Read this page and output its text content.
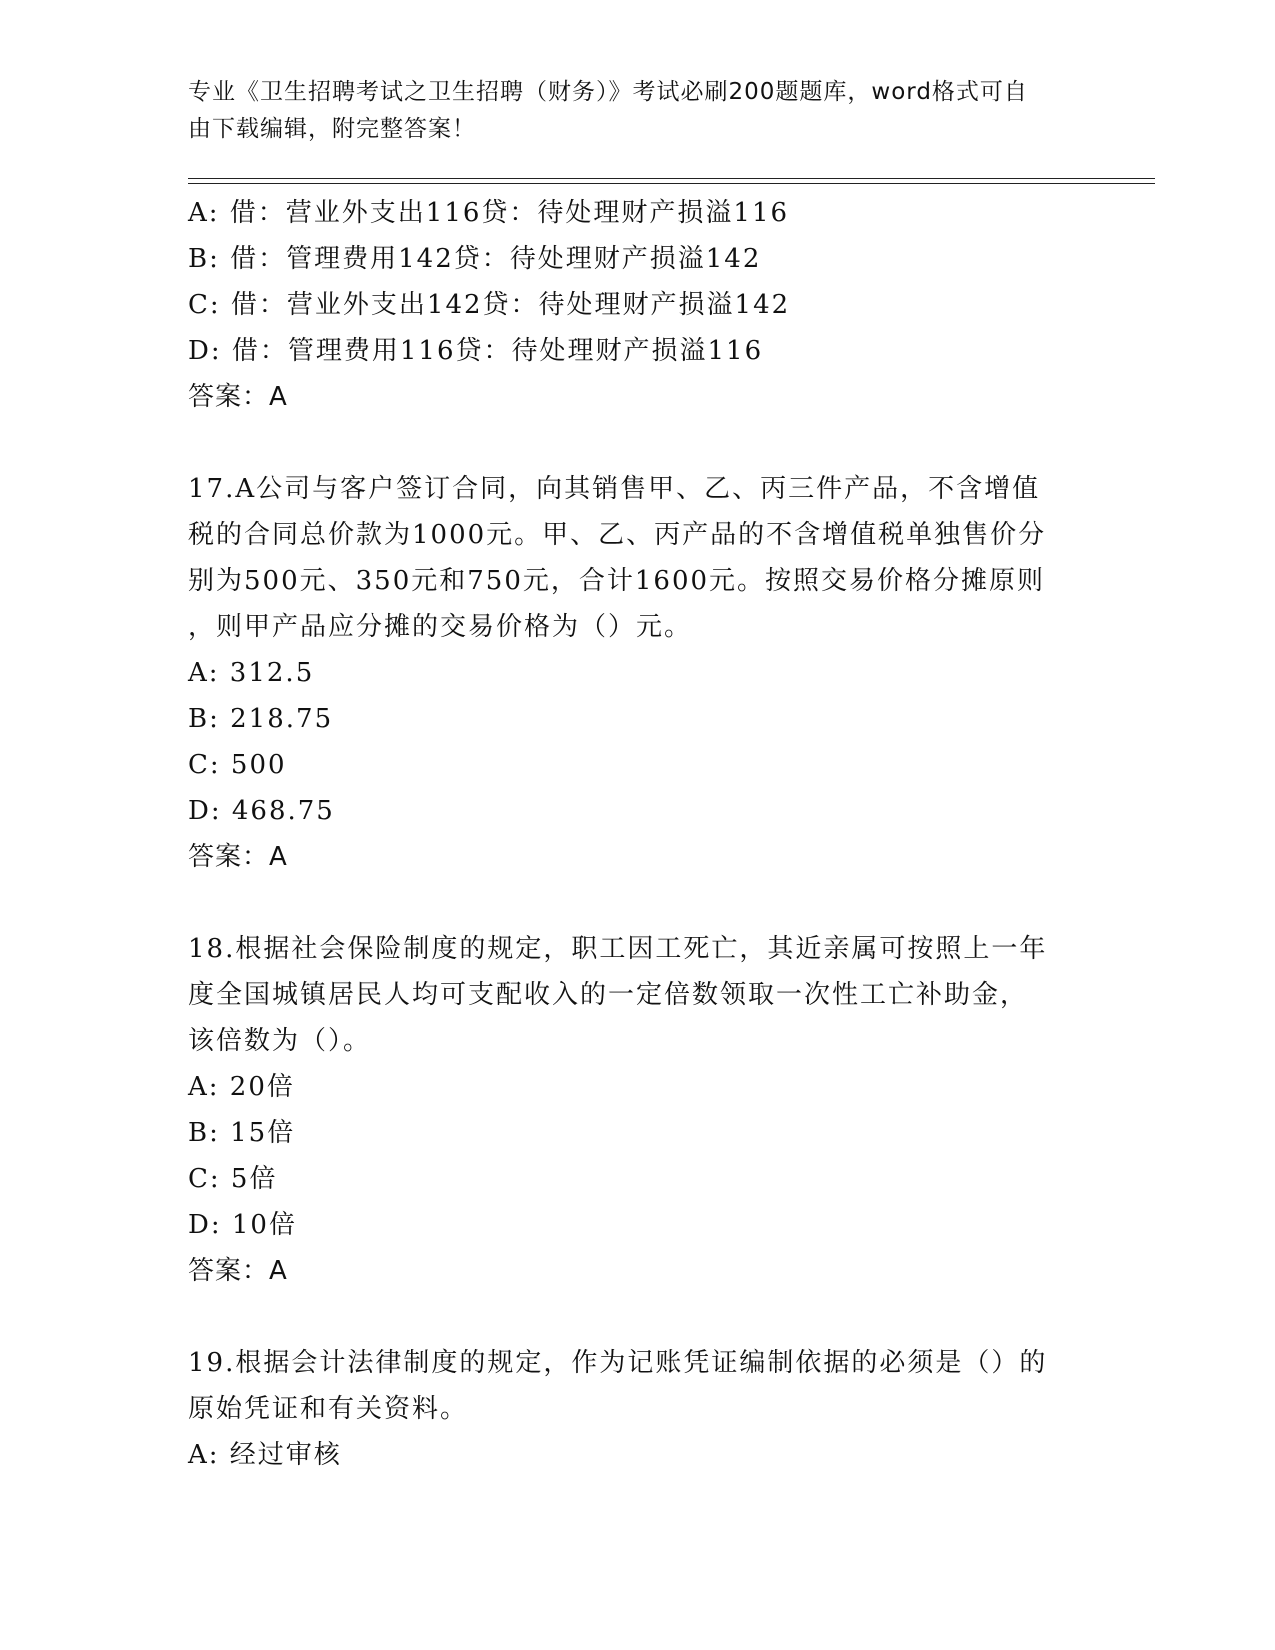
专业《卫生招聘考试之卫生招聘（财务）》考试必刷200题题库，word格式可自
由下载编辑，附完整答案！
A: 借：营业外支出116贷：待处理财产损溢116
B: 借：管理费用142贷：待处理财产损溢142
C: 借：营业外支出142贷：待处理财产损溢142
D: 借：管理费用116贷：待处理财产损溢116
答案：A
17.A公司与客户签订合同，向其销售甲、乙、丙三件产品，不含增值
税的合同总价款为1000元。甲、乙、丙产品的不含增值税单独售价分
别为500元、350元和750元，合计1600元。按照交易价格分摊原则
，则甲产品应分摊的交易价格为（）元。
A: 312.5
B: 218.75
C: 500
D: 468.75
答案：A
18.根据社会保险制度的规定，职工因工死亡，其近亲属可按照上一年
度全国城镇居民人均可支配收入的一定倍数领取一次性工亡补助金，
该倍数为（）。
A: 20倍
B: 15倍
C: 5倍
D: 10倍
答案：A
19.根据会计法律制度的规定，作为记账凭证编制依据的必须是（）的
原始凭证和有关资料。
A: 经过审核
